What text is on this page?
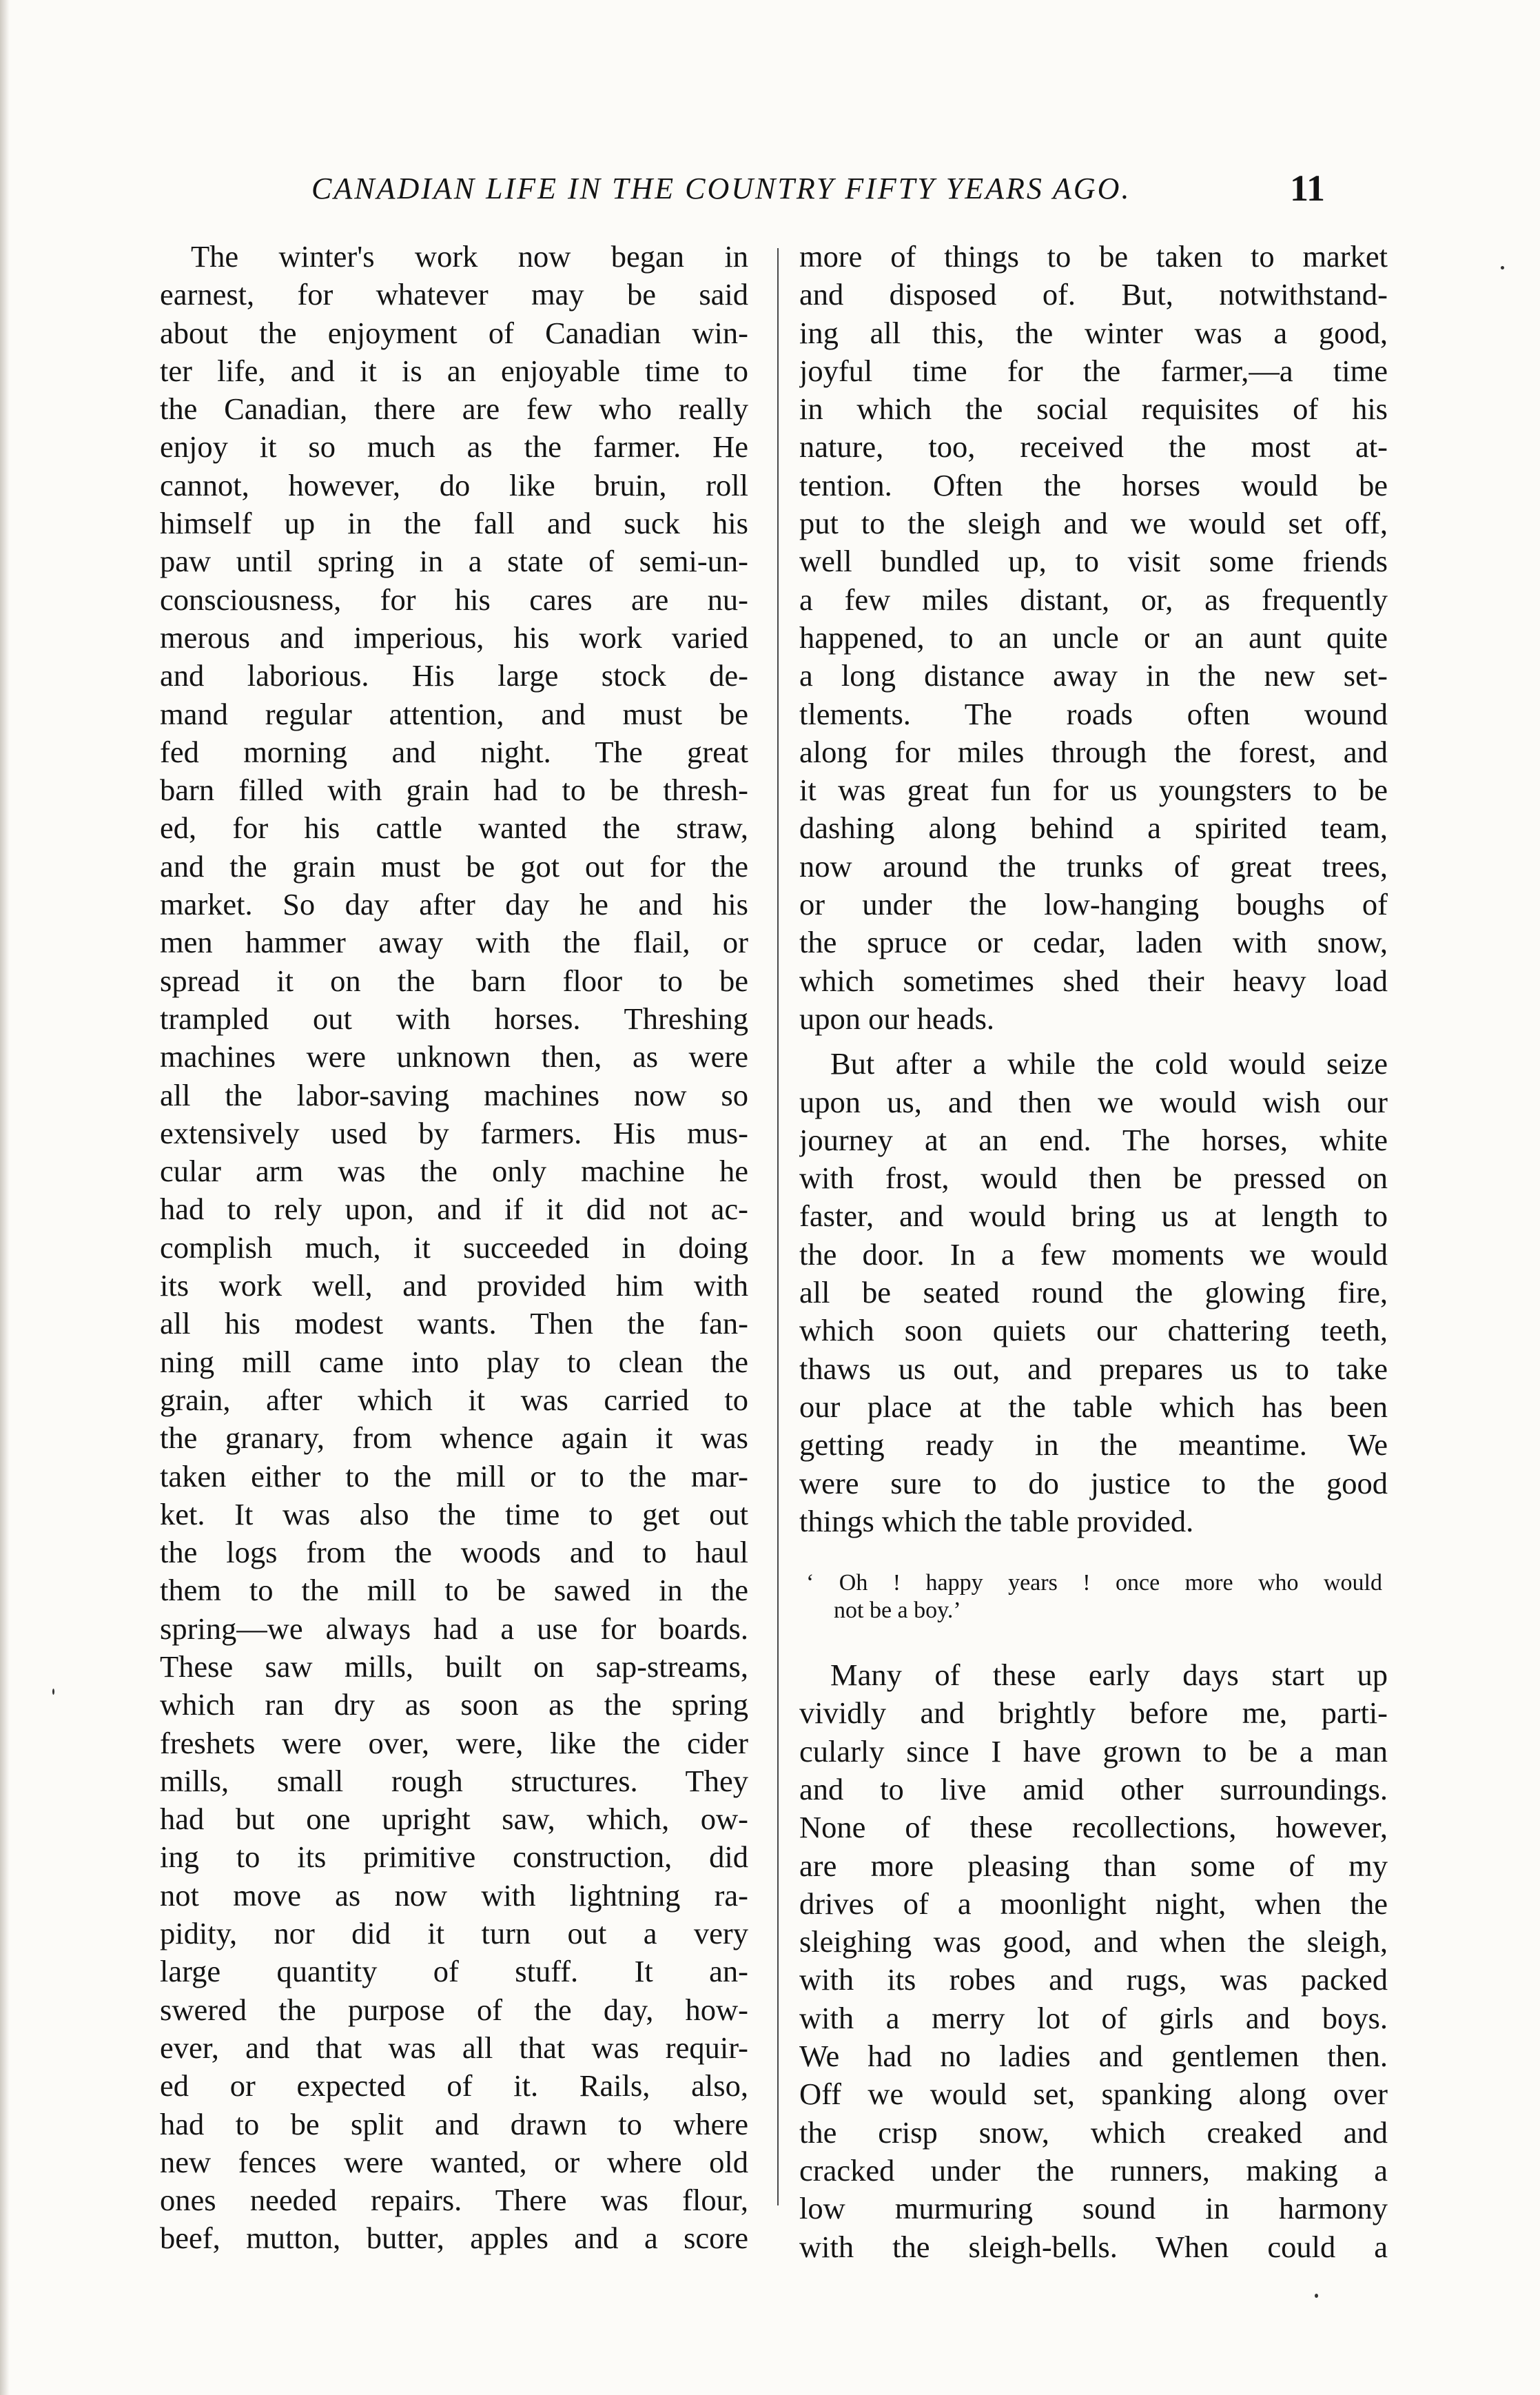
CANADIAN LIFE IN THE COUNTRY FIFTY YEARS AGO.	11
The winter's work now began in
earnest, for whatever may be said
about the enjoyment of Canadian win-
ter life, and it is an enjoyable time to
the Canadian, there are few who really
enjoy it so much as the farmer. He
cannot, however, do like bruin, roll
himself up in the fall and suck his
paw until spring in a state of semi-un-
consciousness, for his cares are nu-
merous and imperious, his work varied
and laborious. His large stock de-
mand regular attention, and must be
fed morning and night. The great
barn filled with grain had to be thresh-
ed, for his cattle wanted the straw,
and the grain must be got out for the
market. So day after day he and his
men hammer away with the flail, or
spread it on the barn floor to be
trampled out with horses. Threshing
machines were unknown then, as were
all the labor-saving machines now so
extensively used by farmers. His mus-
cular arm was the only machine he
had to rely upon, and if it did not ac-
complish much, it succeeded in doing
its work well, and provided him with
all his modest wants. Then the fan-
ning mill came into play to clean the
grain, after which it was carried to
the granary, from whence again it was
taken either to the mill or to the mar-
ket. It was also the time to get out
the logs from the woods and to haul
them to the mill to be sawed in the
spring—we always had a use for boards.
These saw mills, built on sap-streams,
which ran dry as soon as the spring
freshets were over, were, like the cider
mills, small rough structures. They
had but one upright saw, which, ow-
ing to its primitive construction, did
not move as now with lightning ra-
pidity, nor did it turn out a very
large quantity of stuff. It an-
swered the purpose of the day, how-
ever, and that was all that was requir-
ed or expected of it. Rails, also,
had to be split and drawn to where
new fences were wanted, or where old
ones needed repairs. There was flour,
beef, mutton, butter, apples and a score
more of things to be taken to market
and disposed of. But, notwithstand-
ing all this, the winter was a good,
joyful time for the farmer,—a time
in which the social requisites of his
nature, too, received the most at-
tention. Often the horses would be
put to the sleigh and we would set off,
well bundled up, to visit some friends
a few miles distant, or, as frequently
happened, to an uncle or an aunt quite
a long distance away in the new set-
tlements. The roads often wound
along for miles through the forest, and
it was great fun for us youngsters to be
dashing along behind a spirited team,
now around the trunks of great trees,
or under the low-hanging boughs of
the spruce or cedar, laden with snow,
which sometimes shed their heavy load
upon our heads.
But after a while the cold would seize
upon us, and then we would wish our
journey at an end. The horses, white
with frost, would then be pressed on
faster, and would bring us at length to
the door. In a few moments we would
all be seated round the glowing fire,
which soon quiets our chattering teeth,
thaws us out, and prepares us to take
our place at the table which has been
getting ready in the meantime. We
were sure to do justice to the good
things which the table provided.
‘ Oh ! happy years ! once more who would
not be a boy.’
Many of these early days start up
vividly and brightly before me, parti-
cularly since I have grown to be a man
and to live amid other surroundings.
None of these recollections, however,
are more pleasing than some of my
drives of a moonlight night, when the
sleighing was good, and when the sleigh,
with its robes and rugs, was packed
with a merry lot of girls and boys.
We had no ladies and gentlemen then.
Off we would set, spanking along over
the crisp snow, which creaked and
cracked under the runners, making a
low murmuring sound in harmony
with the sleigh-bells. When could a
